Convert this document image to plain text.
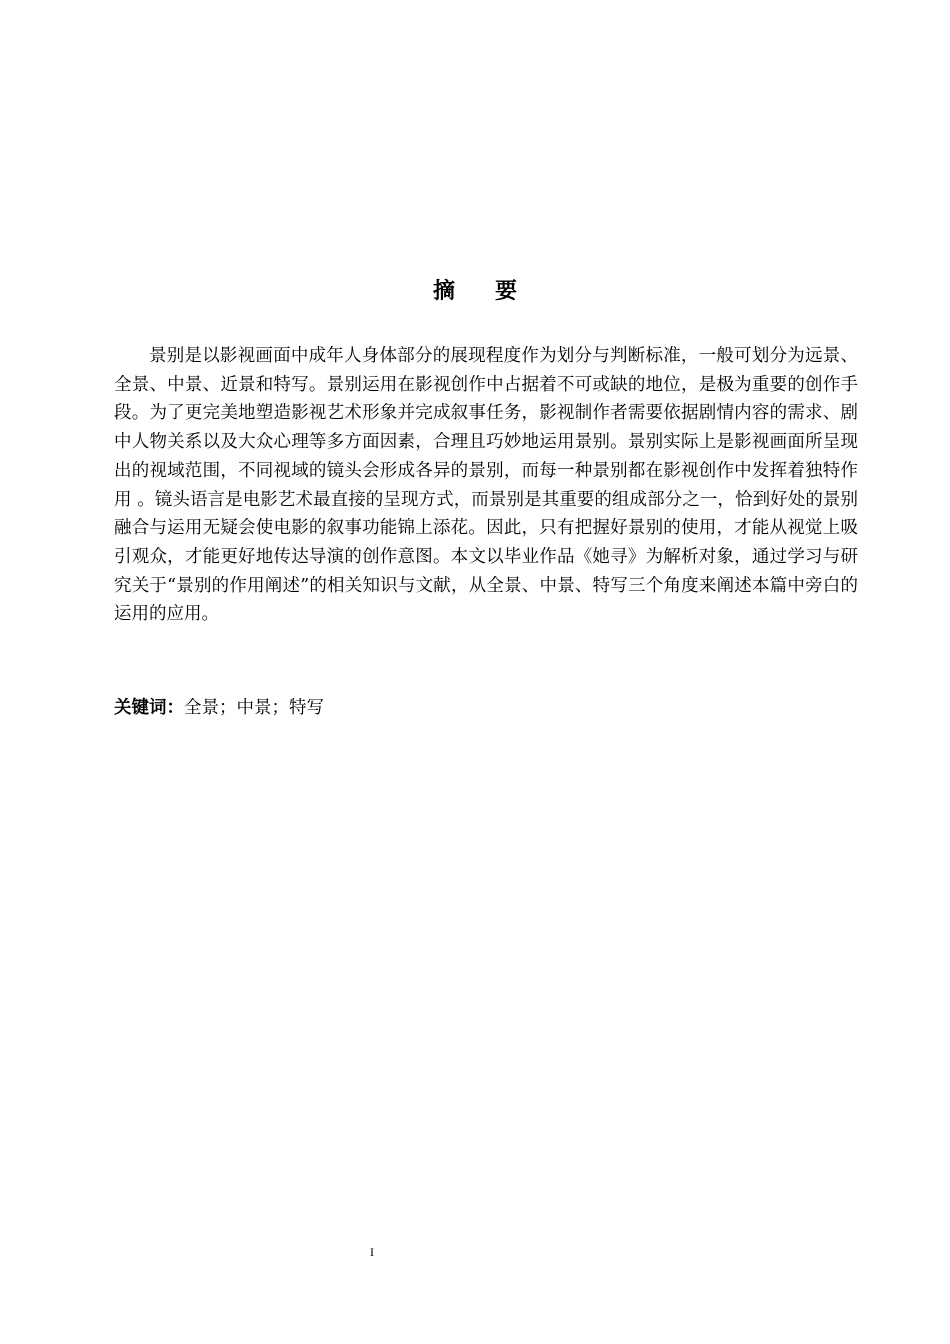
摘 要

景别是以影视画面中成年人身体部分的展现程度作为划分与判断标准，一般可划分为远景、全景、中景、近景和特写。景别运用在影视创作中占据着不可或缺的地位，是极为重要的创作手段。为了更完美地塑造影视艺术形象并完成叙事任务，影视制作者需要依据剧情内容的需求、剧中人物关系以及大众心理等多方面因素，合理且巧妙地运用景别。景别实际上是影视画面所呈现出的视域范围，不同视域的镜头会形成各异的景别，而每一种景别都在影视创作中发挥着独特作用 。镜头语言是电影艺术最直接的呈现方式，而景别是其重要的组成部分之一，恰到好处的景别融合与运用无疑会使电影的叙事功能锦上添花。因此，只有把握好景别的使用，才能从视觉上吸引观众，才能更好地传达导演的创作意图。本文以毕业作品《她寻》为解析对象，通过学习与研究关于“景别的作用阐述”的相关知识与文献，从全景、中景、特写三个角度来阐述本篇中旁白的运用的应用。

关键词：全景；中景；特写

I
